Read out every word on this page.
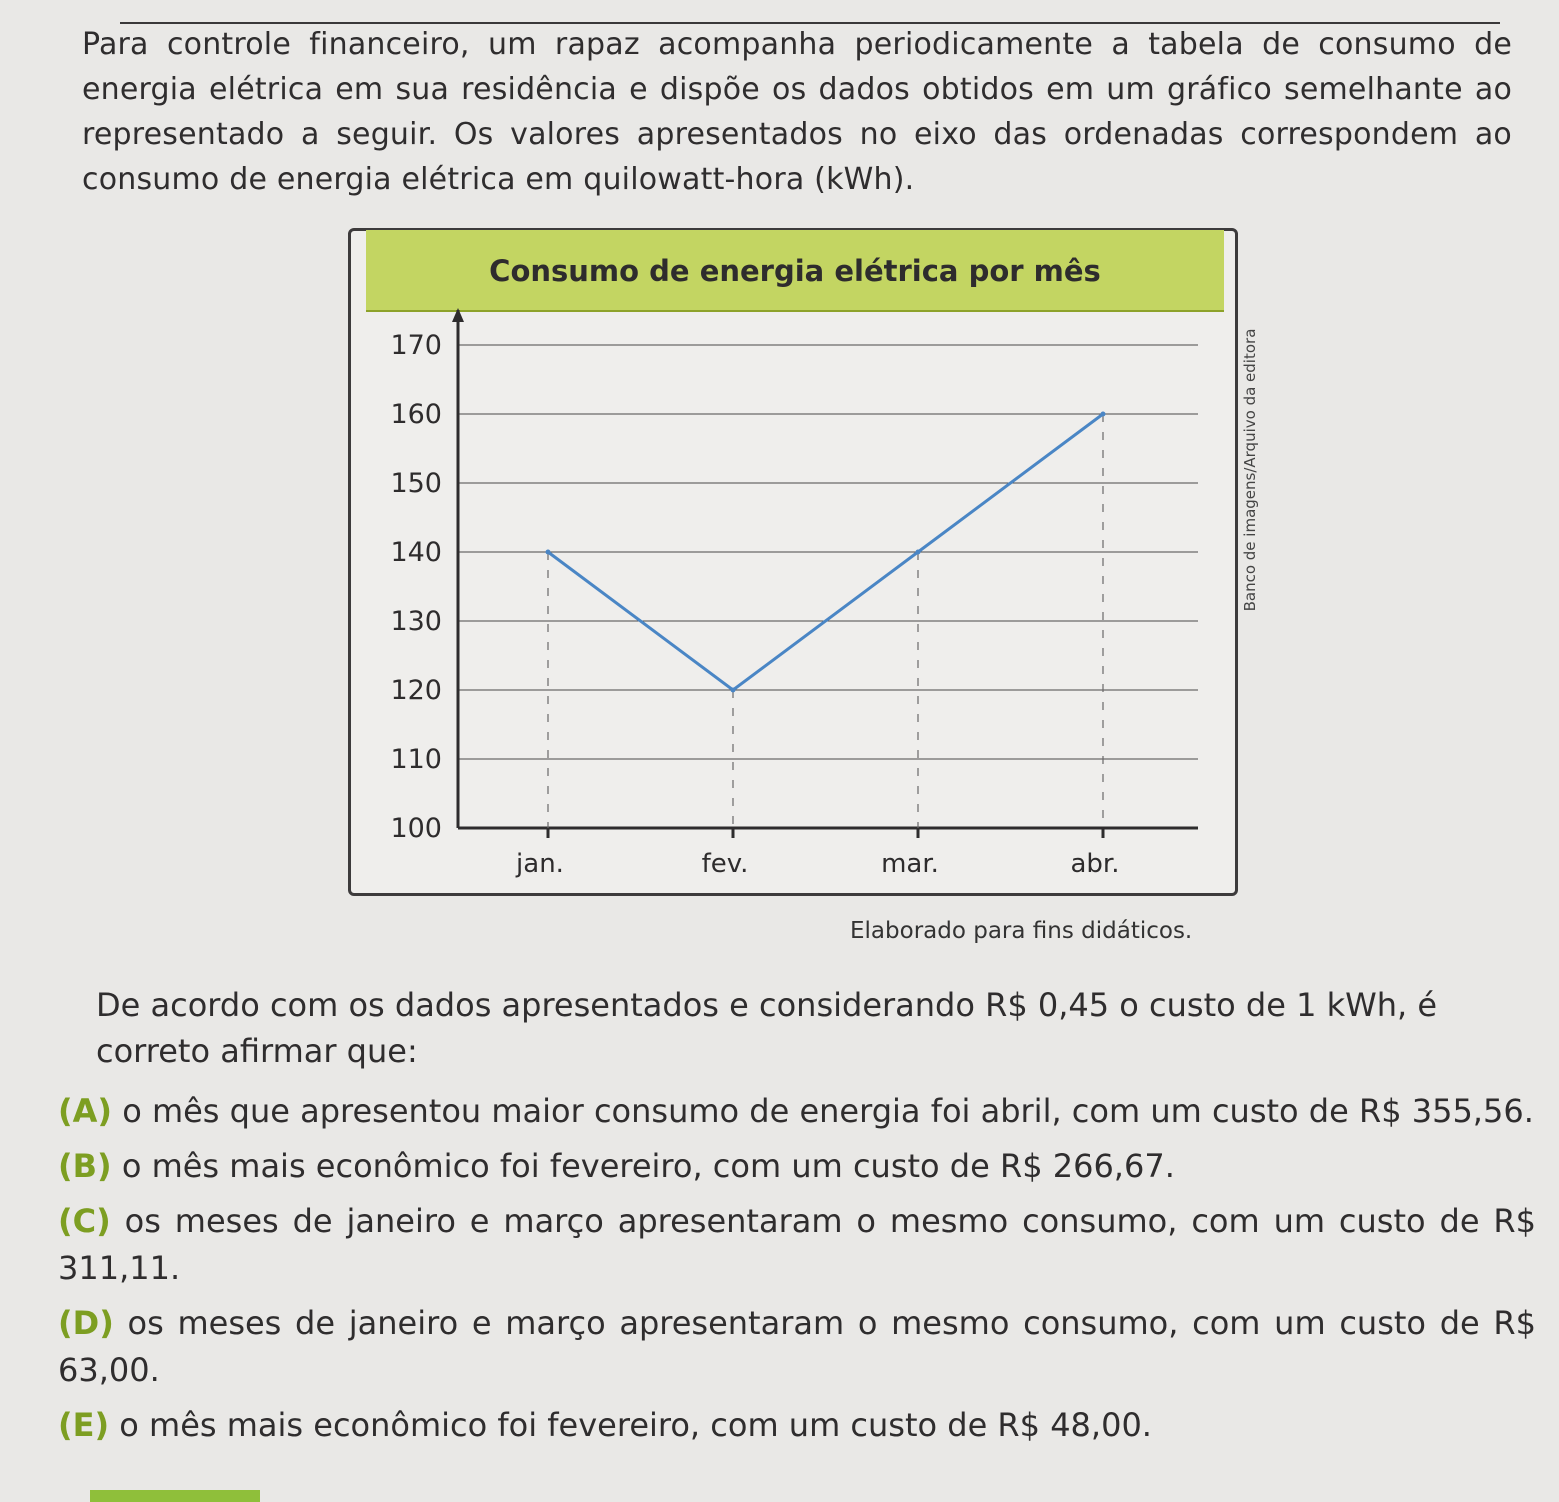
Para controle financeiro, um rapaz acompanha periodicamente a tabela de consumo de energia elétrica em sua residência e dispõe os dados obtidos em um gráfico semelhante ao representado a seguir. Os valores apresentados no eixo das ordenadas correspondem ao consumo de energia elétrica em quilowatt-hora (kWh).

Consumo de energia elétrica por mês
100
110
120
130
140
150
160
170
jan.	fev.	mar.	abr.
Banco de imagens/Arquivo da editora
Elaborado para fins didáticos.

De acordo com os dados apresentados e considerando R$ 0,45 o custo de 1 kWh, é correto afirmar que:

(A) o mês que apresentou maior consumo de energia foi abril, com um custo de R$ 355,56.
(B) o mês mais econômico foi fevereiro, com um custo de R$ 266,67.
(C) os meses de janeiro e março apresentaram o mesmo consumo, com um custo de R$ 311,11.
(D) os meses de janeiro e março apresentaram o mesmo consumo, com um custo de R$ 63,00.
(E) o mês mais econômico foi fevereiro, com um custo de R$ 48,00.
